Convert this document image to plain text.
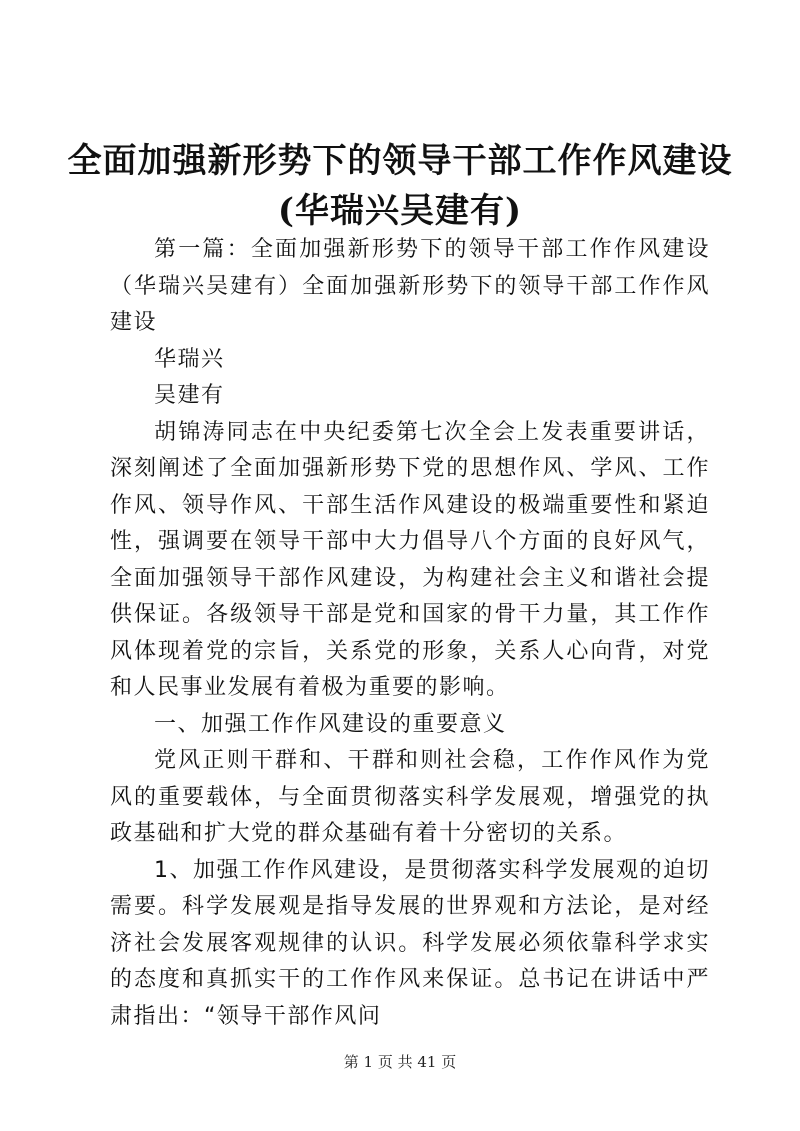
全面加强新形势下的领导干部工作作风建设
(华瑞兴吴建有)

第一篇：全面加强新形势下的领导干部工作作风建设（华瑞兴吴建有）全面加强新形势下的领导干部工作作风建设

华瑞兴

吴建有

胡锦涛同志在中央纪委第七次全会上发表重要讲话，深刻阐述了全面加强新形势下党的思想作风、学风、工作作风、领导作风、干部生活作风建设的极端重要性和紧迫性，强调要在领导干部中大力倡导八个方面的良好风气，全面加强领导干部作风建设，为构建社会主义和谐社会提供保证。各级领导干部是党和国家的骨干力量，其工作作风体现着党的宗旨，关系党的形象，关系人心向背，对党和人民事业发展有着极为重要的影响。

一、加强工作作风建设的重要意义

党风正则干群和、干群和则社会稳，工作作风作为党风的重要载体，与全面贯彻落实科学发展观，增强党的执政基础和扩大党的群众基础有着十分密切的关系。

1、加强工作作风建设，是贯彻落实科学发展观的迫切需要。科学发展观是指导发展的世界观和方法论，是对经济社会发展客观规律的认识。科学发展必须依靠科学求实的态度和真抓实干的工作作风来保证。总书记在讲话中严肃指出：“领导干部作风问

第 1 页 共 41 页
